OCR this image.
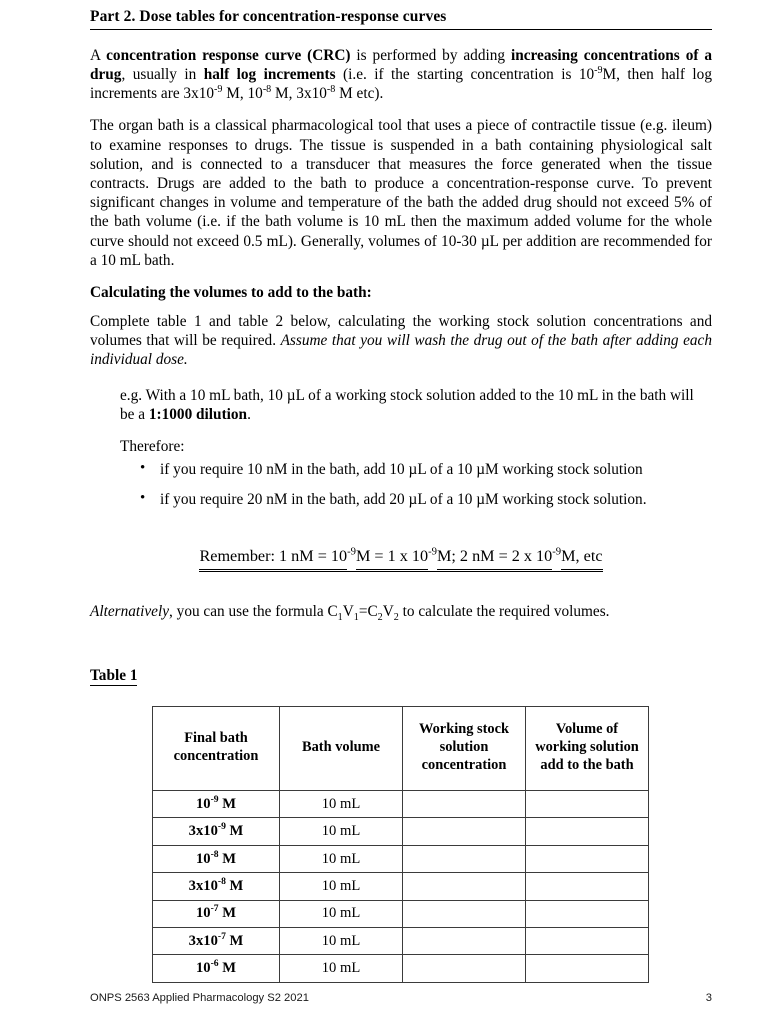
Part 2. Dose tables for concentration-response curves

A concentration response curve (CRC) is performed by adding increasing concentrations of a drug, usually in half log increments (i.e. if the starting concentration is $10^{-9}M$, then half log increments are $3x10^{-9}$ M, $10^{-8}$ M, $3x10^{-8}$ M etc).

The organ bath is a classical pharmacological tool that uses a piece of contractile tissue (e.g. ileum) to examine responses to drugs. The tissue is suspended in a bath containing physiological salt solution, and is connected to a transducer that measures the force generated when the tissue contracts. Drugs are added to the bath to produce a concentration-response curve. To prevent significant changes in volume and temperature of the bath the added drug should not exceed 5% of the bath volume (i.e. if the bath volume is 10 mL then the maximum added volume for the whole curve should not exceed 0.5 mL). Generally, volumes of 10-30 µL per addition are recommended for a 10 mL bath.

Calculating the volumes to add to the bath:

Complete table 1 and table 2 below, calculating the working stock solution concentrations and volumes that will be required. Assume that you will wash the drug out of the bath after adding each individual dose.

e.g. With a 10 mL bath, 10 µL of a working stock solution added to the 10 mL in the bath will be a 1:1000 dilution.
Therefore:
• if you require 10 nM in the bath, add 10 µL of a 10 µM working stock solution
• if you require 20 nM in the bath, add 20 µL of a 10 µM working stock solution.
Remember: 1 nM = $10^{-9}M = 1$ x $10^{-9}M$; 2 nM = 2 x $10^{-9}M$, etc

Alternatively, you can use the formula $C_1V_1=C_2V_2$ to calculate the required volumes.

Table 1
Final bath concentration	Bath volume	Working stock solution concentration	Volume of working solution add to the bath
$10^{-9}$ M	10 mL		
$3x10^{-9}$ M	10 mL		
$10^{-8}$ M	10 mL		
$3x10^{-8}$ M	10 mL		
$10^{-7}$ M	10 mL		
$3x10^{-7}$ M	10 mL		
$10^{-6}$ M	10 mL		
ONPS 2563 Applied Pharmacology S2 2021	3
